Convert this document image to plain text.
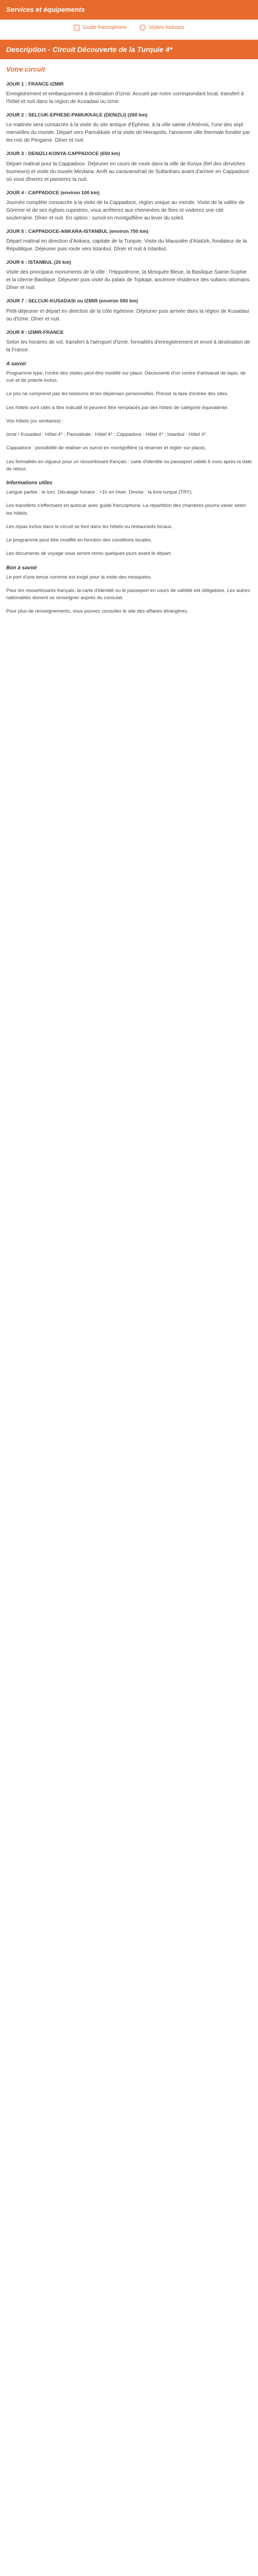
Services et équipements
Guide francophone	Visites incluses
Description - Circuit Découverte de la Turquie 4*
Votre circuit

JOUR 1 : FRANCE-IZMIR

Enregistrement et embarquement à destination d'Izmir. Accueil par notre correspondant local, transfert à l'hôtel et nuit dans la région de Kusadasi ou Izmir.

JOUR 2 : SELCUK-EPHESE-PAMUKKALE (DENIZLI) (260 km)

Le matinée sera consacrée à la visite du site antique d'Éphèse, à la ville sainte d'Artémis, l'une des sept merveilles du monde. Départ vers Pamukkale et la visite de Hierapolis, l'ancienne ville thermale fondée par les rois de Pergame. Dîner et nuit.

JOUR 3 : DENIZLI-KONYA-CAPPADOCE (650 km)

Départ matinal pour la Cappadoce. Déjeuner en cours de route dans la ville de Konya (fief des derviches tourneurs) et visite du musée Mevlana. Arrêt au caravansérail de Sultanhanı avant d'arriver en Cappadoce où vous dînerez et passerez la nuit.

JOUR 4 : CAPPADOCE (environ 100 km)

Journée complète consacrée à la visite de la Cappadoce, région unique au monde. Visite de la vallée de Göreme et de ses églises rupestres, vous arrêterez aux cheminées de fées et visiterez une cité souterraine. Dîner et nuit. En option : survol en montgolfière au lever du soleil.

JOUR 5 : CAPPADOCE-ANKARA-ISTANBUL (environ 750 km)

Départ matinal en direction d'Ankara, capitale de la Turquie. Visite du Mausolée d'Atatürk, fondateur de la République. Déjeuner puis route vers Istanbul. Dîner et nuit à Istanbul.

JOUR 6 : ISTANBUL (20 km)

Visite des principaux monuments de la ville : l'Hippodrome, la Mosquée Bleue, la Basilique Sainte-Sophie et la citerne Basilique. Déjeuner puis visite du palais de Topkapi, ancienne résidence des sultans ottomans. Dîner et nuit.

JOUR 7 : SELCUK-KUSADASI ou IZMIR (environ 550 km)

Petit-déjeuner et départ en direction de la côte égéenne. Déjeuner puis arrivée dans la région de Kusadasi ou d'Izmir. Dîner et nuit.

JOUR 8 : IZMIR-FRANCE

Selon les horaires de vol, transfert à l'aéroport d'Izmir, formalités d'enregistrement et envol à destination de la France.

A savoir

Programme type, l'ordre des visites peut être modifié sur place. Découverte d'un contre d'artisanat de tapis, de cuir et de poterie inclus.

Le prix ne comprend pas les boissons et les dépenses personnelles. Prévoir la taxe d'entrée des sites.

Les hôtels sont cités à titre indicatif et peuvent être remplacés par des hôtels de catégorie équivalente.

Vos hôtels (ou similaires) :

Izmir / Kusadasi : Hôtel 4* ; Pamukkale : Hôtel 4* ; Cappadoce : Hôtel 4* ; Istanbul : Hôtel 4*.

Cappadoce : possibilité de réaliser un survol en montgolfière (à réserver et régler sur place).

Les formalités en vigueur pour un ressortissant français : carte d'identité ou passeport valide 6 mois après la date de retour.

Informations utiles

Langue parlée : le turc. Décalage horaire : +1h en hiver. Devise : la livre turque (TRY).

Les transferts s'effectuent en autocar avec guide francophone. La répartition des chambres pourra varier selon les hôtels.

Les repas inclus dans le circuit se font dans les hôtels ou restaurants locaux.

Le programme peut être modifié en fonction des conditions locales.

Les documents de voyage vous seront remis quelques jours avant le départ.

Bon à savoir

Le port d'une tenue correcte est exigé pour la visite des mosquées.

Pour les ressortissants français, la carte d'identité ou le passeport en cours de validité est obligatoire. Les autres nationalités doivent se renseigner auprès du consulat.

Pour plus de renseignements, vous pouvez consulter le site des affaires étrangères.
